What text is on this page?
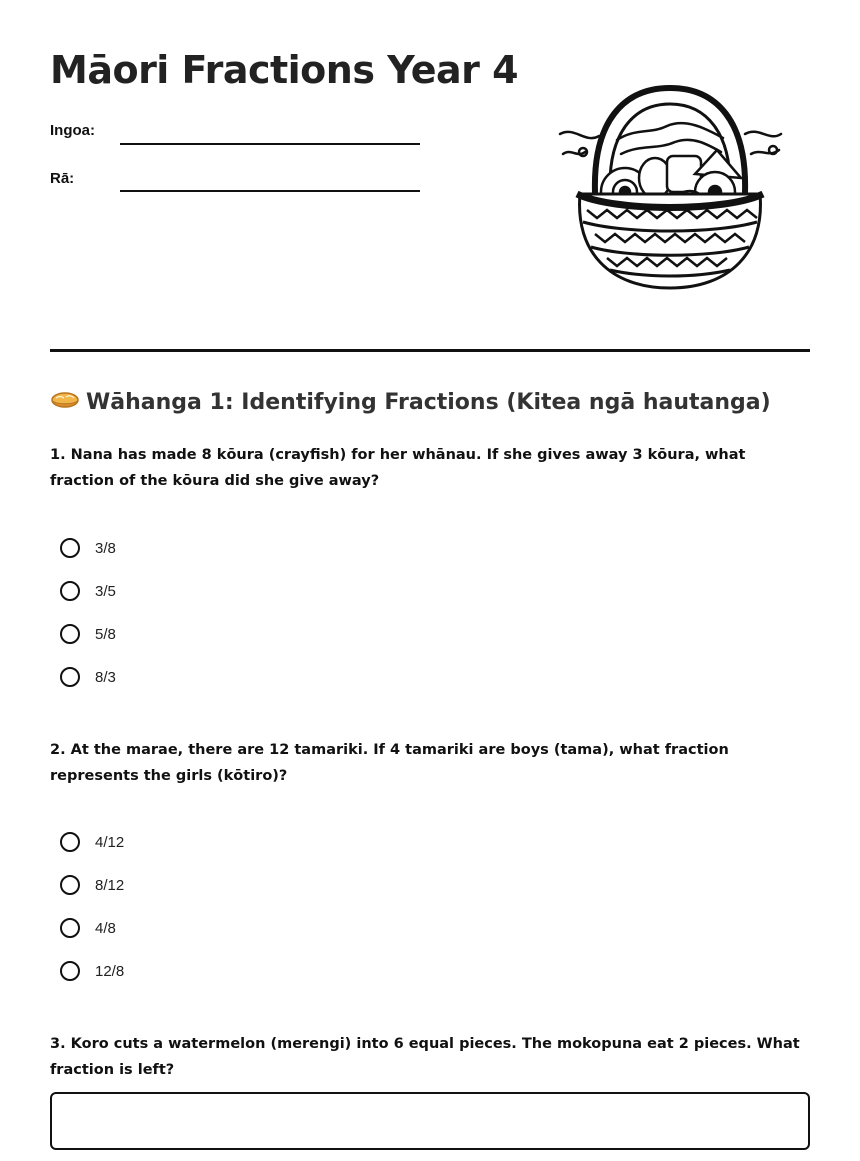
Māori Fractions Year 4
Ingoa:
Rā:
Wāhanga 1: Identifying Fractions (Kitea ngā hautanga)

1. Nana has made 8 kōura (crayfish) for her whānau. If she gives away 3 kōura, what fraction of the kōura did she give away?

3/8
3/5
5/8
8/3

2. At the marae, there are 12 tamariki. If 4 tamariki are boys (tama), what fraction represents the girls (kōtiro)?

4/12
8/12
4/8
12/8

3. Koro cuts a watermelon (merengi) into 6 equal pieces. The mokopuna eat 2 pieces. What fraction is left?
